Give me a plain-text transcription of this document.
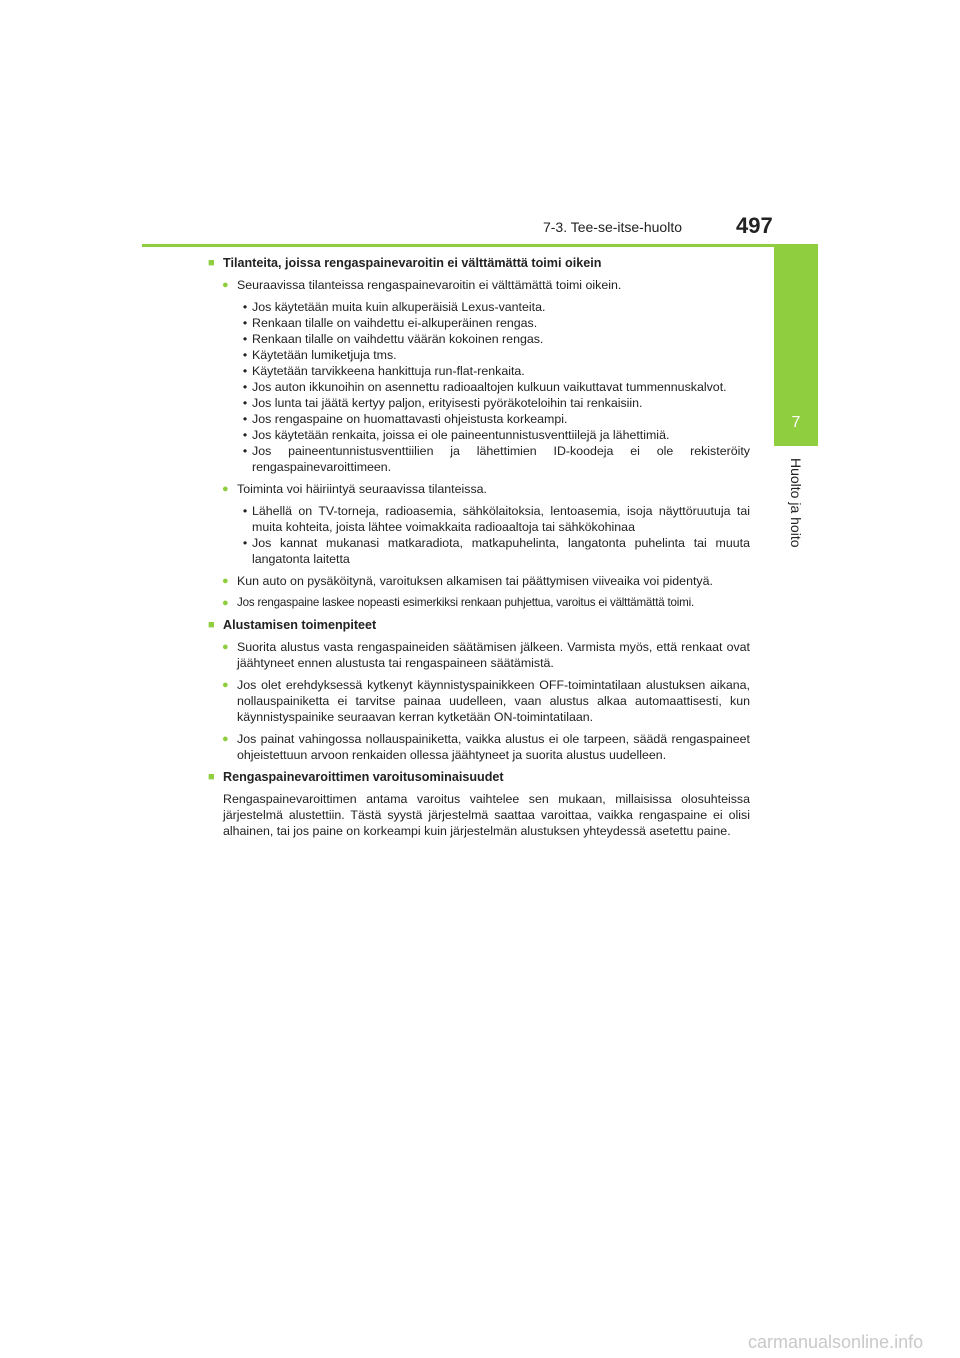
7-3. Tee-se-itse-huolto 497
7
Huolto ja hoito
■ Tilanteita, joissa rengaspainevaroitin ei välttämättä toimi oikein
● Seuraavissa tilanteissa rengaspainevaroitin ei välttämättä toimi oikein.
• Jos käytetään muita kuin alkuperäisiä Lexus-vanteita.
• Renkaan tilalle on vaihdettu ei-alkuperäinen rengas.
• Renkaan tilalle on vaihdettu väärän kokoinen rengas.
• Käytetään lumiketjuja tms.
• Käytetään tarvikkeena hankittuja run-flat-renkaita.
• Jos auton ikkunoihin on asennettu radioaaltojen kulkuun vaikuttavat tummennuskalvot.
• Jos lunta tai jäätä kertyy paljon, erityisesti pyöräkoteloihin tai renkaisiin.
• Jos rengaspaine on huomattavasti ohjeistusta korkeampi.
• Jos käytetään renkaita, joissa ei ole paineentunnistusventtiilejä ja lähettimiä.
• Jos paineentunnistusventtiilien ja lähettimien ID-koodeja ei ole rekisteröity rengaspainevaroittimeen.
● Toiminta voi häiriintyä seuraavissa tilanteissa.
• Lähellä on TV-torneja, radioasemia, sähkölaitoksia, lentoasemia, isoja näyttöruutuja tai muita kohteita, joista lähtee voimakkaita radioaaltoja tai sähkökohinaa
• Jos kannat mukanasi matkaradiota, matkapuhelinta, langatonta puhelinta tai muuta langatonta laitetta
● Kun auto on pysäköitynä, varoituksen alkamisen tai päättymisen viiveaika voi pidentyä.
● Jos rengaspaine laskee nopeasti esimerkiksi renkaan puhjettua, varoitus ei välttämättä toimi.
■ Alustamisen toimenpiteet
● Suorita alustus vasta rengaspaineiden säätämisen jälkeen. Varmista myös, että renkaat ovat jäähtyneet ennen alustusta tai rengaspaineen säätämistä.
● Jos olet erehdyksessä kytkenyt käynnistyspainikkeen OFF-toimintatilaan alustuksen aikana, nollauspainiketta ei tarvitse painaa uudelleen, vaan alustus alkaa automaattisesti, kun käynnistyspainike seuraavan kerran kytketään ON-toimintatilaan.
● Jos painat vahingossa nollauspainiketta, vaikka alustus ei ole tarpeen, säädä rengaspaineet ohjeistettuun arvoon renkaiden ollessa jäähtyneet ja suorita alustus uudelleen.
■ Rengaspainevaroittimen varoitusominaisuudet
Rengaspainevaroittimen antama varoitus vaihtelee sen mukaan, millaisissa olosuhteissa järjestelmä alustettiin. Tästä syystä järjestelmä saattaa varoittaa, vaikka rengaspaine ei olisi alhainen, tai jos paine on korkeampi kuin järjestelmän alustuksen yhteydessä asetettu paine.
carmanualsonline.info
